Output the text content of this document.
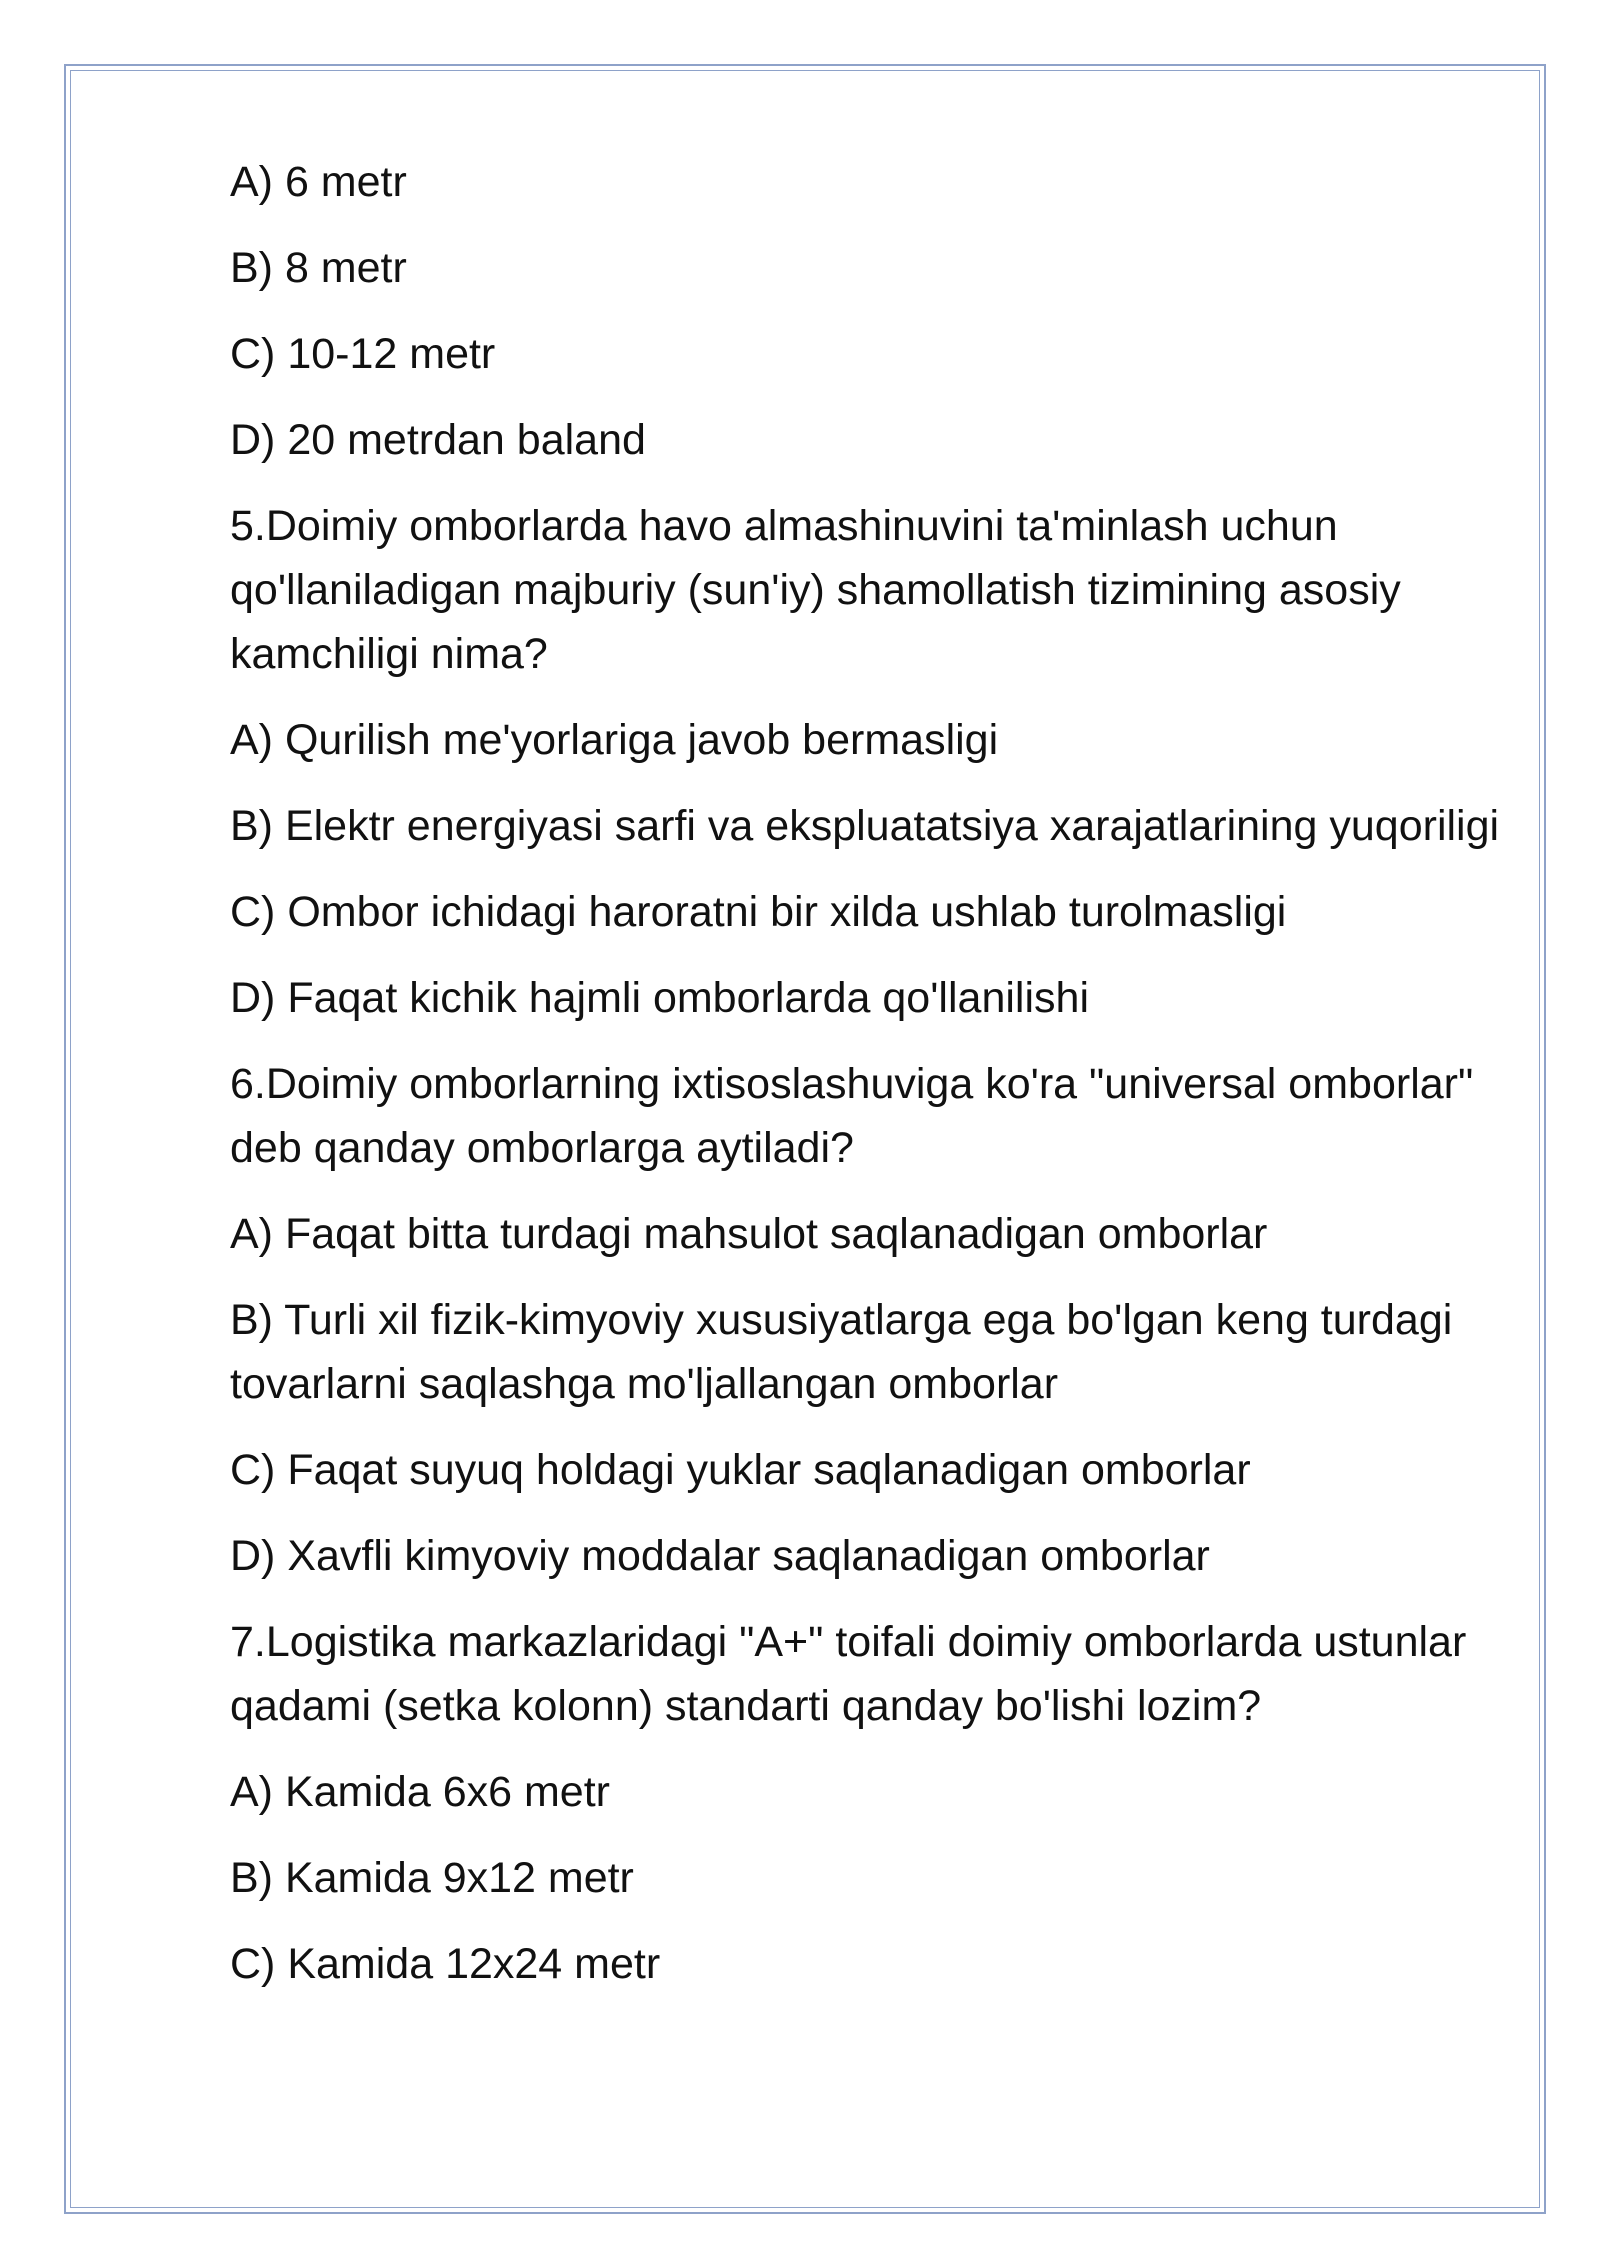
A) 6 metr

B) 8 metr

C) 10-12 metr

D) 20 metrdan baland

5.Doimiy omborlarda havo almashinuvini ta'minlash uchun qo'llaniladigan majburiy (sun'iy) shamollatish tizimining asosiy kamchiligi nima?

A) Qurilish me'yorlariga javob bermasligi

B) Elektr energiyasi sarfi va ekspluatatsiya xarajatlarining yuqoriligi

C) Ombor ichidagi haroratni bir xilda ushlab turolmasligi

D) Faqat kichik hajmli omborlarda qo'llanilishi

6.Doimiy omborlarning ixtisoslashuviga ko'ra "universal omborlar" deb qanday omborlarga aytiladi?

A) Faqat bitta turdagi mahsulot saqlanadigan omborlar

B) Turli xil fizik-kimyoviy xususiyatlarga ega bo'lgan keng turdagi tovarlarni saqlashga mo'ljallangan omborlar

C) Faqat suyuq holdagi yuklar saqlanadigan omborlar

D) Xavfli kimyoviy moddalar saqlanadigan omborlar

7.Logistika markazlaridagi "A+" toifali doimiy omborlarda ustunlar qadami (setka kolonn) standarti qanday bo'lishi lozim?

A) Kamida 6x6 metr

B) Kamida 9x12 metr

C) Kamida 12x24 metr
